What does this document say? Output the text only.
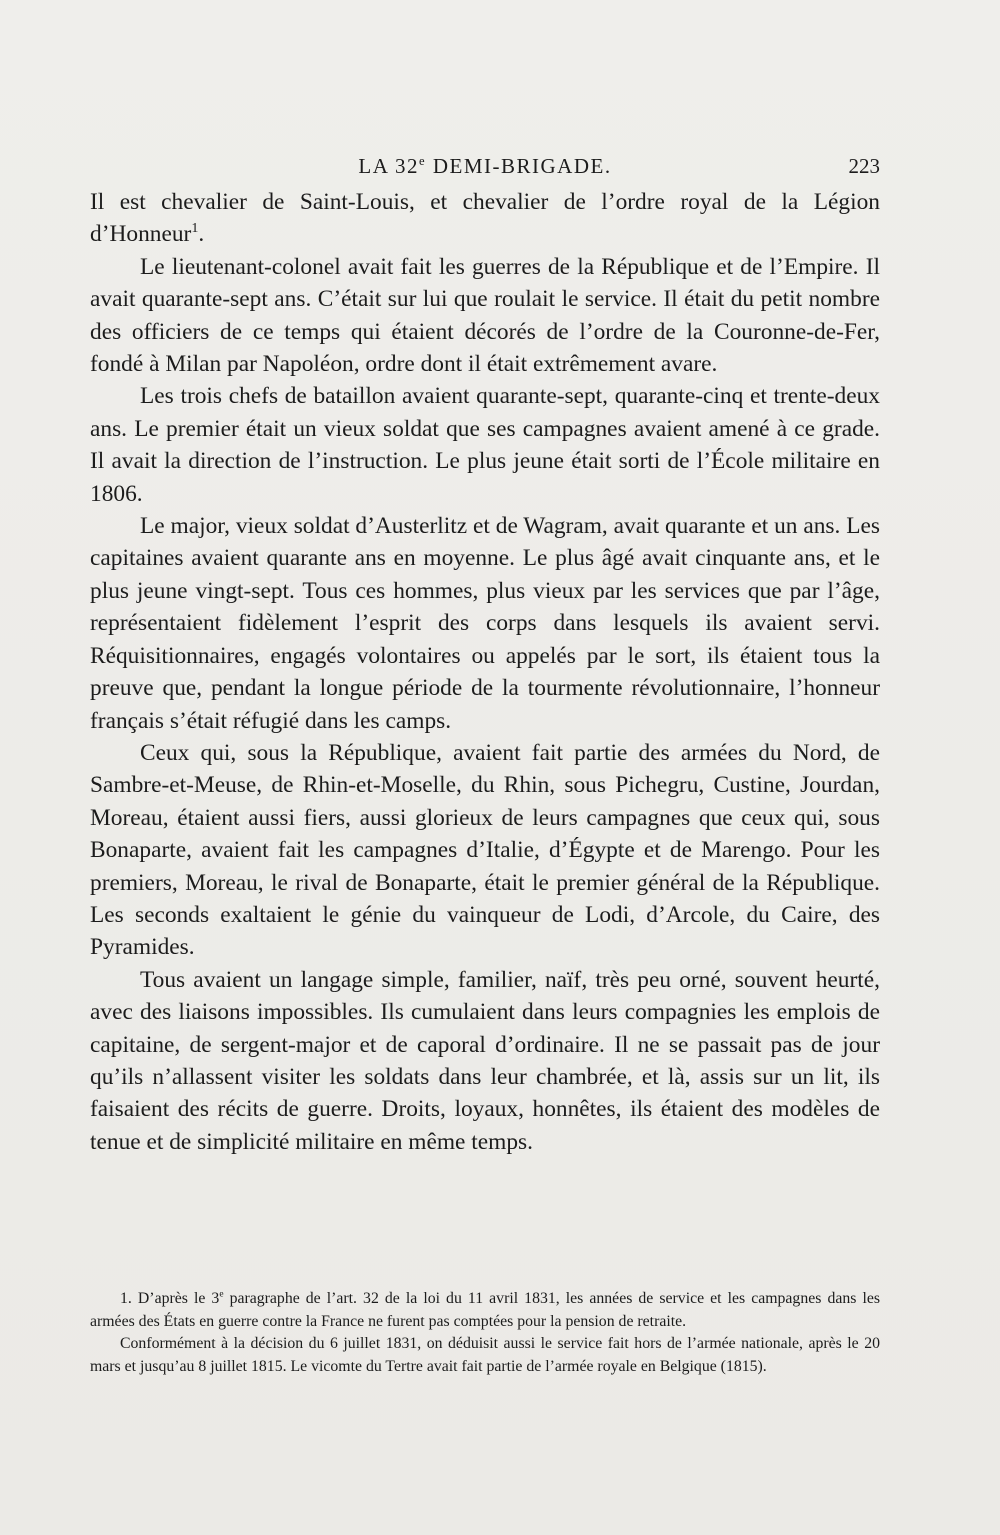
LA 32e DEMI-BRIGADE.	223

Il est chevalier de Saint-Louis, et chevalier de l’ordre royal de la Légion d’Honneur$^1$.

Le lieutenant-colonel avait fait les guerres de la République et de l’Empire. Il avait quarante-sept ans. C’était sur lui que roulait le service. Il était du petit nombre des officiers de ce temps qui étaient décorés de l’ordre de la Couronne-de-Fer, fondé à Milan par Napoléon, ordre dont il était extrêmement avare.

Les trois chefs de bataillon avaient quarante-sept, quarante-cinq et trente-deux ans. Le premier était un vieux soldat que ses campagnes avaient amené à ce grade. Il avait la direction de l’instruction. Le plus jeune était sorti de l’École militaire en 1806.

Le major, vieux soldat d’Austerlitz et de Wagram, avait quarante et un ans. Les capitaines avaient quarante ans en moyenne. Le plus âgé avait cinquante ans, et le plus jeune vingt-sept. Tous ces hommes, plus vieux par les services que par l’âge, représentaient fidèlement l’esprit des corps dans lesquels ils avaient servi. Réquisitionnaires, engagés volontaires ou appelés par le sort, ils étaient tous la preuve que, pendant la longue période de la tourmente révolutionnaire, l’honneur français s’était réfugié dans les camps.

Ceux qui, sous la République, avaient fait partie des armées du Nord, de Sambre-et-Meuse, de Rhin-et-Moselle, du Rhin, sous Pichegru, Custine, Jourdan, Moreau, étaient aussi fiers, aussi glorieux de leurs campagnes que ceux qui, sous Bonaparte, avaient fait les campagnes d’Italie, d’Égypte et de Marengo. Pour les premiers, Moreau, le rival de Bonaparte, était le premier général de la République. Les seconds exaltaient le génie du vainqueur de Lodi, d’Arcole, du Caire, des Pyramides.

Tous avaient un langage simple, familier, naïf, très peu orné, souvent heurté, avec des liaisons impossibles. Ils cumulaient dans leurs compagnies les emplois de capitaine, de sergent-major et de caporal d’ordinaire. Il ne se passait pas de jour qu’ils n’allassent visiter les soldats dans leur chambrée, et là, assis sur un lit, ils faisaient des récits de guerre. Droits, loyaux, honnêtes, ils étaient des modèles de tenue et de simplicité militaire en même temps.

1. D’après le 3e paragraphe de l’art. 32 de la loi du 11 avril 1831, les années de service et les campagnes dans les armées des États en guerre contre la France ne furent pas comptées pour la pension de retraite.

Conformément à la décision du 6 juillet 1831, on déduisit aussi le service fait hors de l’armée nationale, après le 20 mars et jusqu’au 8 juillet 1815. Le vicomte du Tertre avait fait partie de l’armée royale en Belgique (1815).
